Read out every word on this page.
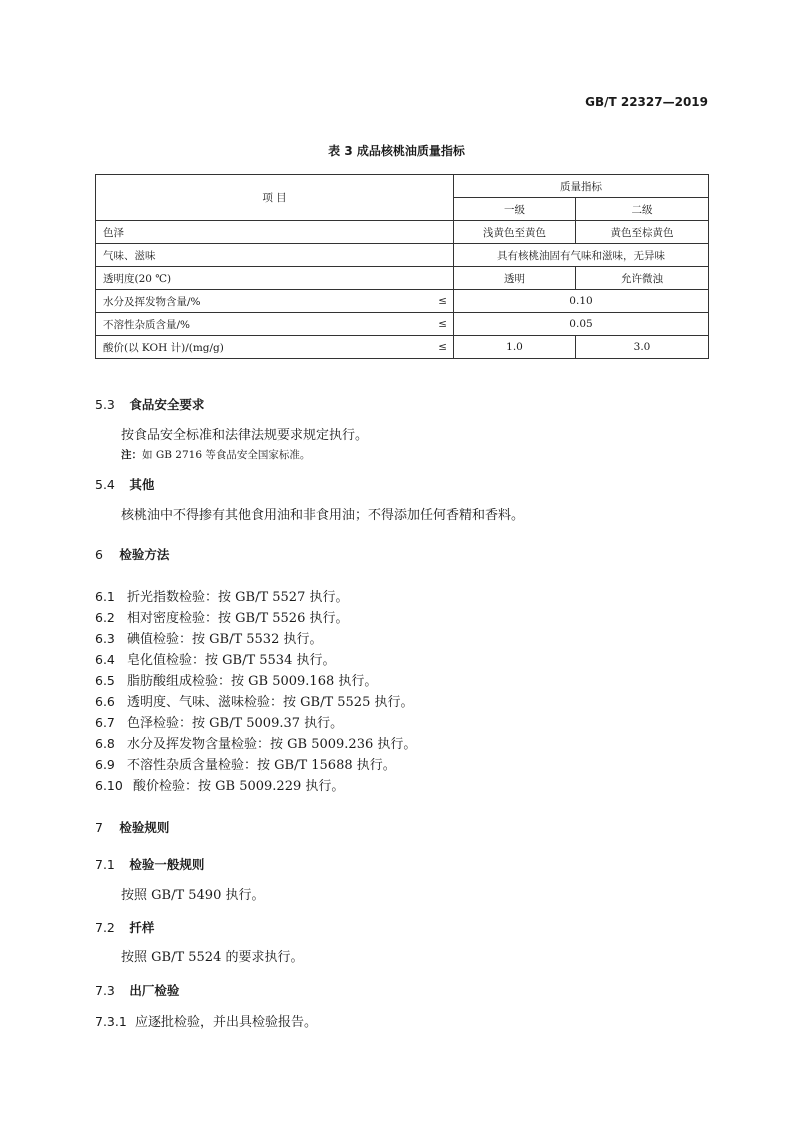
GB/T 22327—2019
表 3 成品核桃油质量指标
项 目		质量指标	
		一级	二级
色泽		浅黄色至黄色	黄色至棕黄色
气味、滋味		具有核桃油固有气味和滋味，无异味	
透明度(20 ℃)		透明	允许微浊
水分及挥发物含量/%	≤	0.10	
不溶性杂质含量/%	≤	0.05	
酸价(以 KOH 计)/(mg/g)	≤	1.0	3.0
5.3 食品安全要求
按食品安全标准和法律法规要求规定执行。
注：如 GB 2716 等食品安全国家标准。
5.4 其他
核桃油中不得掺有其他食用油和非食用油；不得添加任何香精和香料。
6 检验方法
6.1 折光指数检验：按 GB/T 5527 执行。
6.2 相对密度检验：按 GB/T 5526 执行。
6.3 碘值检验：按 GB/T 5532 执行。
6.4 皂化值检验：按 GB/T 5534 执行。
6.5 脂肪酸组成检验：按 GB 5009.168 执行。
6.6 透明度、气味、滋味检验：按 GB/T 5525 执行。
6.7 色泽检验：按 GB/T 5009.37 执行。
6.8 水分及挥发物含量检验：按 GB 5009.236 执行。
6.9 不溶性杂质含量检验：按 GB/T 15688 执行。
6.10 酸价检验：按 GB 5009.229 执行。
7 检验规则
7.1 检验一般规则
按照 GB/T 5490 执行。
7.2 扦样
按照 GB/T 5524 的要求执行。
7.3 出厂检验
7.3.1 应逐批检验，并出具检验报告。
